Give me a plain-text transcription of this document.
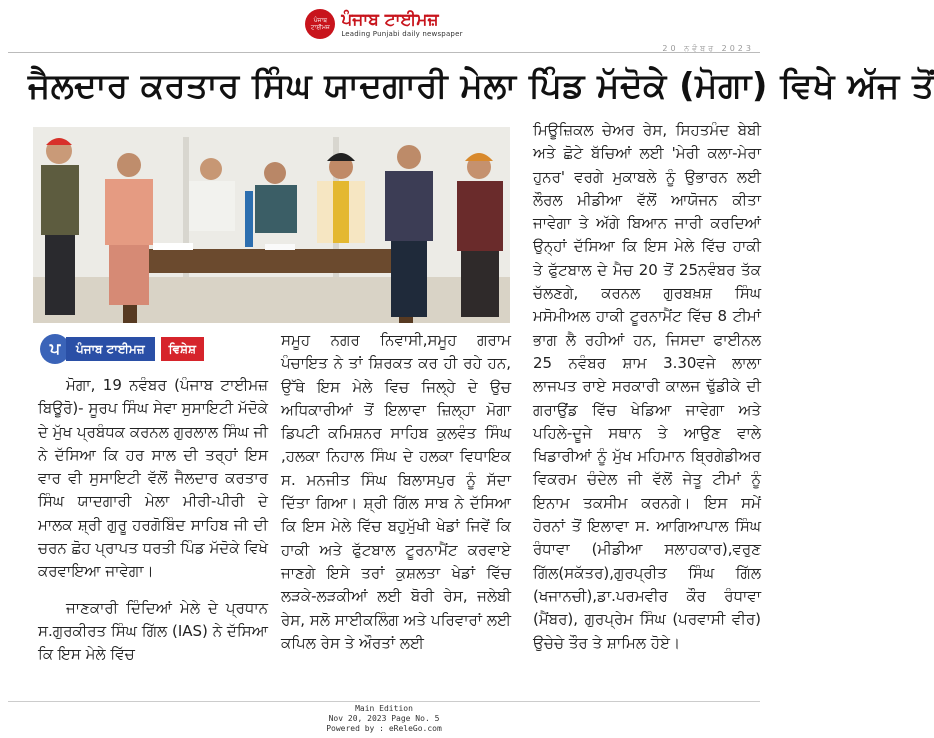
ਪੰਜਾਬ ਟਾਈਮਜ਼ ਪੰਜਾਬ ਟਾਈਮਜ਼
Leading Punjabi daily newspaper
20 ਨਵੰਬਰ 2023
ਜੈਲਦਾਰ ਕਰਤਾਰ ਸਿੰਘ ਯਾਦਗਾਰੀ ਮੇਲਾ ਪਿੰਡ ਮੱਦੋਕੇ (ਮੋਗਾ) ਵਿਖੇ ਅੱਜ ਤੋਂ
ਪ	ਪੰਜਾਬ ਟਾਈਮਜ਼	ਵਿਸ਼ੇਸ਼

ਮੋਗਾ, 19 ਨਵੰਬਰ (ਪੰਜਾਬ ਟਾਈਮਜ਼ ਬਿਊਰੋ)- ਸੂਰਪ ਸਿੰਘ ਸੇਵਾ ਸੁਸਾਇਟੀ ਮੱਦੋਕੇ ਦੇ ਮੁੱਖ ਪ੍ਰਬੰਧਕ ਕਰਨਲ ਗੁਰਲਾਲ ਸਿੰਘ ਜੀ ਨੇ ਦੱਸਿਆ ਕਿ ਹਰ ਸਾਲ ਦੀ ਤਰ੍ਹਾਂ ਇਸ ਵਾਰ ਵੀ ਸੁਸਾਇਟੀ ਵੱਲੋਂ ਜੈਲਦਾਰ ਕਰਤਾਰ ਸਿੰਘ ਯਾਦਗਾਰੀ ਮੇਲਾ ਮੀਰੀ-ਪੀਰੀ ਦੇ ਮਾਲਕ ਸ਼੍ਰੀ ਗੁਰੂ ਹਰਗੋਬਿੰਦ ਸਾਹਿਬ ਜੀ ਦੀ ਚਰਨ ਛੋਹ ਪ੍ਰਾਪਤ ਧਰਤੀ ਪਿੰਡ ਮੱਦੋਕੇ ਵਿਖੇ ਕਰਵਾਇਆ ਜਾਵੇਗਾ।

ਜਾਣਕਾਰੀ ਦਿੰਦਿਆਂ ਮੇਲੇ ਦੇ ਪ੍ਰਧਾਨ ਸ.ਗੁਰਕੀਰਤ ਸਿੰਘ ਗਿੱਲ (IAS) ਨੇ ਦੱਸਿਆ ਕਿ ਇਸ ਮੇਲੇ ਵਿੱਚ

ਸਮੂਹ ਨਗਰ ਨਿਵਾਸੀ,ਸਮੂਹ ਗਰਾਮ ਪੰਚਾਇਤ ਨੇ ਤਾਂ ਸ਼ਿਰਕਤ ਕਰ ਹੀ ਰਹੇ ਹਨ, ਉੱਥੇ ਇਸ ਮੇਲੇ ਵਿਚ ਜਿਲ੍ਹੇ ਦੇ ਉਚ ਅਧਿਕਾਰੀਆਂ ਤੋਂ ਇਲਾਵਾ ਜ਼ਿਲ੍ਹਾ ਮੋਗਾ ਡਿਪਟੀ ਕਮਿਸ਼ਨਰ ਸਾਹਿਬ ਕੁਲਵੰਤ ਸਿੰਘ ,ਹਲਕਾ ਨਿਹਾਲ ਸਿੰਘ ਦੇ ਹਲਕਾ ਵਿਧਾਇਕ ਸ. ਮਨਜੀਤ ਸਿੰਘ ਬਿਲਾਸਪੁਰ ਨੂੰ ਸੱਦਾ ਦਿੱਤਾ ਗਿਆ। ਸ਼੍ਰੀ ਗਿੱਲ ਸਾਬ ਨੇ ਦੱਸਿਆ ਕਿ ਇਸ ਮੇਲੇ ਵਿੱਚ ਬਹੁਮੁੱਖੀ ਖੇਡਾਂ ਜਿਵੇਂ ਕਿ ਹਾਕੀ ਅਤੇ ਫੁੱਟਬਾਲ ਟੂਰਨਾਮੈਂਟ ਕਰਵਾਏ ਜਾਣਗੇ ਇਸੇ ਤਰਾਂ ਕੁਸ਼ਲਤਾ ਖੇਡਾਂ ਵਿੱਚ ਲੜਕੇ-ਲੜਕੀਆਂ ਲਈ ਬੋਰੀ ਰੇਸ, ਜਲੇਬੀ ਰੇਸ, ਸਲੋ ਸਾਈਕਲਿੰਗ ਅਤੇ ਪਰਿਵਾਰਾਂ ਲਈ ਕਪਿਲ ਰੇਸ ਤੇ ਔਰਤਾਂ ਲਈ

ਮਿਊਜ਼ਿਕਲ ਚੇਅਰ ਰੇਸ, ਸਿਹਤਮੰਦ ਬੇਬੀ ਅਤੇ ਛੋਟੇ ਬੱਚਿਆਂ ਲਈ 'ਮੇਰੀ ਕਲਾ-ਮੇਰਾ ਹੁਨਰ' ਵਰਗੇ ਮੁਕਾਬਲੇ ਨੂੰ ਉਭਾਰਨ ਲਈ ਲੌਰਲ ਮੀਡੀਆ ਵੱਲੋਂ ਆਯੋਜਨ ਕੀਤਾ ਜਾਵੇਗਾ ਤੇ ਅੱਗੇ ਬਿਆਨ ਜਾਰੀ ਕਰਦਿਆਂ ਉਨ੍ਹਾਂ ਦੱਸਿਆ ਕਿ ਇਸ ਮੇਲੇ ਵਿੱਚ ਹਾਕੀ ਤੇ ਫੁੱਟਬਾਲ ਦੇ ਮੈਚ 20 ਤੋਂ 25ਨਵੰਬਰ ਤੱਕ ਚੱਲਣਗੇ, ਕਰਨਲ ਗੁਰਬਖ਼ਸ਼ ਸਿੰਘ ਮਸੋਮੀਅਲ ਹਾਕੀ ਟੂਰਨਾਮੈਂਟ ਵਿੱਚ 8 ਟੀਮਾਂ ਭਾਗ ਲੈ ਰਹੀਆਂ ਹਨ, ਜਿਸਦਾ ਫਾਈਨਲ 25 ਨਵੰਬਰ ਸ਼ਾਮ 3.30ਵਜੇ ਲਾਲਾ ਲਾਜਪਤ ਰਾਏ ਸਰਕਾਰੀ ਕਾਲਜ ਢੁੱਡੀਕੇ ਦੀ ਗਰਾਉਂਡ ਵਿੱਚ ਖੇਡਿਆ ਜਾਵੇਗਾ ਅਤੇ ਪਹਿਲੇ-ਦੂਜੇ ਸਥਾਨ ਤੇ ਆਉਣ ਵਾਲੇ ਖਿਡਾਰੀਆਂ ਨੂੰ ਮੁੱਖ ਮਹਿਮਾਨ ਬ੍ਰਿਗੇਡੀਅਰ ਵਿਕਰਮ ਚੰਦੇਲ ਜੀ ਵੱਲੋਂ ਜੇਤੂ ਟੀਮਾਂ ਨੂੰ ਇਨਾਮ ਤਕਸੀਮ ਕਰਨਗੇ। ਇਸ ਸਮੇਂ ਹੋਰਨਾਂ ਤੋਂ ਇਲਾਵਾ ਸ. ਆਗਿਆਪਾਲ ਸਿੰਘ ਰੰਧਾਵਾ (ਮੀਡੀਆ ਸਲਾਹਕਾਰ),ਵਰੁਣ ਗਿੱਲ(ਸਕੱਤਰ),ਗੁਰਪ੍ਰੀਤ ਸਿੰਘ ਗਿੱਲ (ਖਜਾਨਚੀ),ਡਾ.ਪਰਮਵੀਰ ਕੌਰ ਰੰਧਾਵਾ (ਮੈਂਬਰ), ਗੁਰਪ੍ਰੇਮ ਸਿੰਘ (ਪਰਵਾਸੀ ਵੀਰ) ਉਚੇਚੇ ਤੌਰ ਤੇ ਸ਼ਾਮਿਲ ਹੋਏ।

Main Edition
Nov 20, 2023 Page No. 5
Powered by : eReleGo.com
